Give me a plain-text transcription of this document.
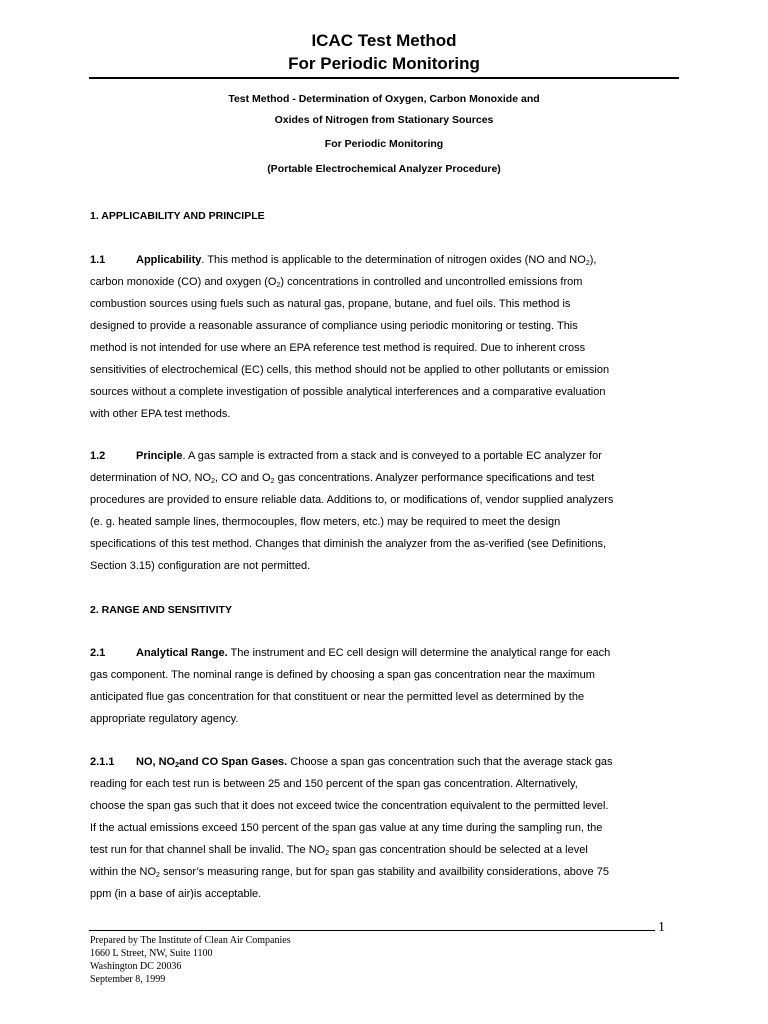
ICAC Test Method
For Periodic Monitoring
Test Method - Determination of Oxygen, Carbon Monoxide and
Oxides of Nitrogen from Stationary Sources
For Periodic Monitoring
(Portable Electrochemical Analyzer Procedure)
1. APPLICABILITY AND PRINCIPLE
1.1	Applicability. This method is applicable to the determination of nitrogen oxides (NO and $NO_2$),
carbon monoxide (CO) and oxygen $(O_2)$ concentrations in controlled and uncontrolled emissions from
combustion sources using fuels such as natural gas, propane, butane, and fuel oils. This method is
designed to provide a reasonable assurance of compliance using periodic monitoring or testing. This
method is not intended for use where an EPA reference test method is required. Due to inherent cross
sensitivities of electrochemical (EC) cells, this method should not be applied to other pollutants or emission
sources without a complete investigation of possible analytical interferences and a comparative evaluation
with other EPA test methods.
1.2	Principle. A gas sample is extracted from a stack and is conveyed to a portable EC analyzer for
determination of NO, $NO_2$, CO and $O_2$ gas concentrations. Analyzer performance specifications and test
procedures are provided to ensure reliable data. Additions to, or modifications of, vendor supplied analyzers
(e. g. heated sample lines, thermocouples, flow meters, etc.) may be required to meet the design
specifications of this test method. Changes that diminish the analyzer from the as-verified (see Definitions,
Section 3.15) configuration are not permitted.
2. RANGE AND SENSITIVITY
2.1	Analytical Range. The instrument and EC cell design will determine the analytical range for each
gas component. The nominal range is defined by choosing a span gas concentration near the maximum
anticipated flue gas concentration for that constituent or near the permitted level as determined by the
appropriate regulatory agency.
2.1.1 NO, $NO_2and$ CO Span Gases. Choose a span gas concentration such that the average stack gas
reading for each test run is between 25 and 150 percent of the span gas concentration. Alternatively,
choose the span gas such that it does not exceed twice the concentration equivalent to the permitted level.
If the actual emissions exceed 150 percent of the span gas value at any time during the sampling run, the
test run for that channel shall be invalid. The $NO_2$ span gas concentration should be selected at a level
within the $NO_2$ sensor’s measuring range, but for span gas stability and availbility considerations, above 75
ppm (in a base of air)is acceptable.
1
Prepared by The Institute of Clean Air Companies
1660 L Street, NW, Suite 1100
Washington DC 20036
September 8, 1999
